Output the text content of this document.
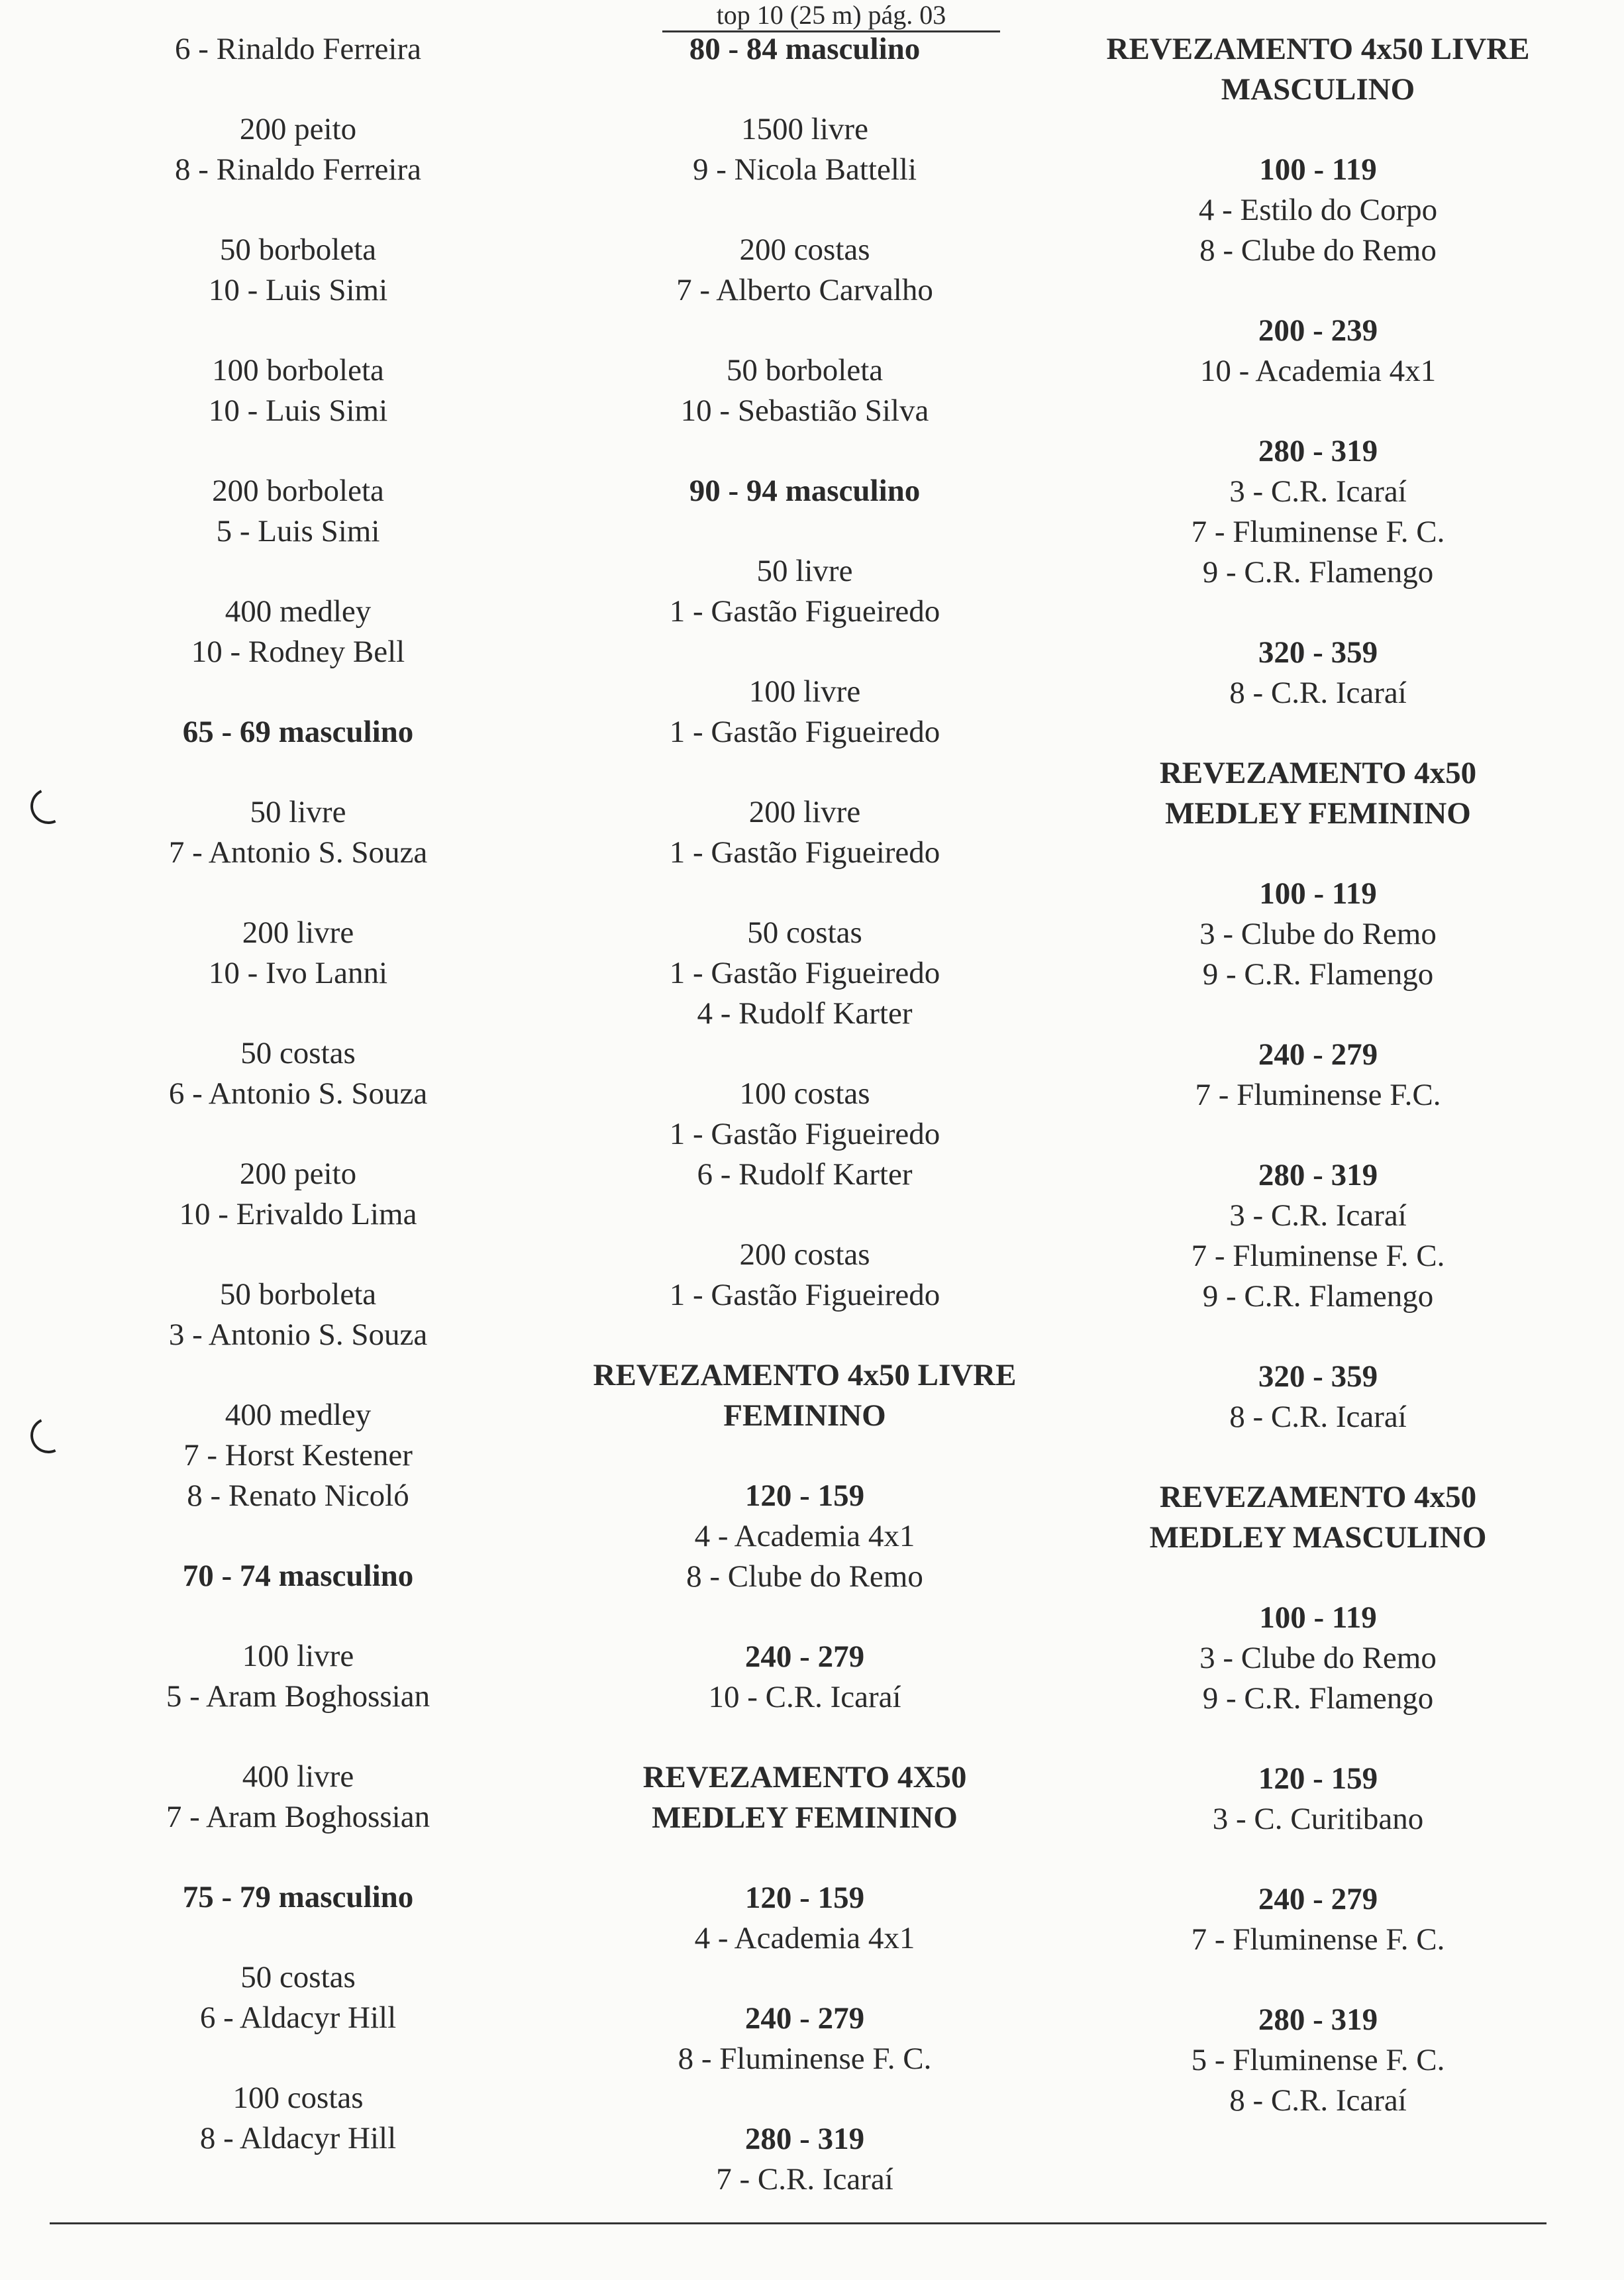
top 10 (25 m) pág. 03
6 - Rinaldo Ferreira
200 peito
8 - Rinaldo Ferreira
50 borboleta
10 - Luis Simi
100 borboleta
10 - Luis Simi
200 borboleta
5 - Luis Simi
400 medley
10 - Rodney Bell
65 - 69 masculino
50 livre
7 - Antonio S. Souza
200 livre
10 - Ivo Lanni
50 costas
6 - Antonio S. Souza
200 peito
10 - Erivaldo Lima
50 borboleta
3 - Antonio S. Souza
400 medley
7 - Horst Kestener
8 - Renato Nicoló
70 - 74 masculino
100 livre
5 - Aram Boghossian
400 livre
7 - Aram Boghossian
75 - 79 masculino
50 costas
6 - Aldacyr Hill
100 costas
8 - Aldacyr Hill
80 - 84 masculino
1500 livre
9 - Nicola Battelli
200 costas
7 - Alberto Carvalho
50 borboleta
10 - Sebastião Silva
90 - 94 masculino
50 livre
1 - Gastão Figueiredo
100 livre
1 - Gastão Figueiredo
200 livre
1 - Gastão Figueiredo
50 costas
1 - Gastão Figueiredo
4 - Rudolf Karter
100 costas
1 - Gastão Figueiredo
6 - Rudolf Karter
200 costas
1 - Gastão Figueiredo
REVEZAMENTO 4x50 LIVRE
FEMININO
120 - 159
4 - Academia 4x1
8 - Clube do Remo
240 - 279
10 - C.R. Icaraí
REVEZAMENTO 4X50
MEDLEY FEMININO
120 - 159
4 - Academia 4x1
240 - 279
8 - Fluminense F. C.
280 - 319
7 - C.R. Icaraí
REVEZAMENTO 4x50 LIVRE
MASCULINO
100 - 119
4 - Estilo do Corpo
8 - Clube do Remo
200 - 239
10 - Academia 4x1
280 - 319
3 - C.R. Icaraí
7 - Fluminense F. C.
9 - C.R. Flamengo
320 - 359
8 - C.R. Icaraí
REVEZAMENTO 4x50
MEDLEY FEMININO
100 - 119
3 - Clube do Remo
9 - C.R. Flamengo
240 - 279
7 - Fluminense F.C.
280 - 319
3 - C.R. Icaraí
7 - Fluminense F. C.
9 - C.R. Flamengo
320 - 359
8 - C.R. Icaraí
REVEZAMENTO 4x50
MEDLEY MASCULINO
100 - 119
3 - Clube do Remo
9 - C.R. Flamengo
120 - 159
3 - C. Curitibano
240 - 279
7 - Fluminense F. C.
280 - 319
5 - Fluminense F. C.
8 - C.R. Icaraí
